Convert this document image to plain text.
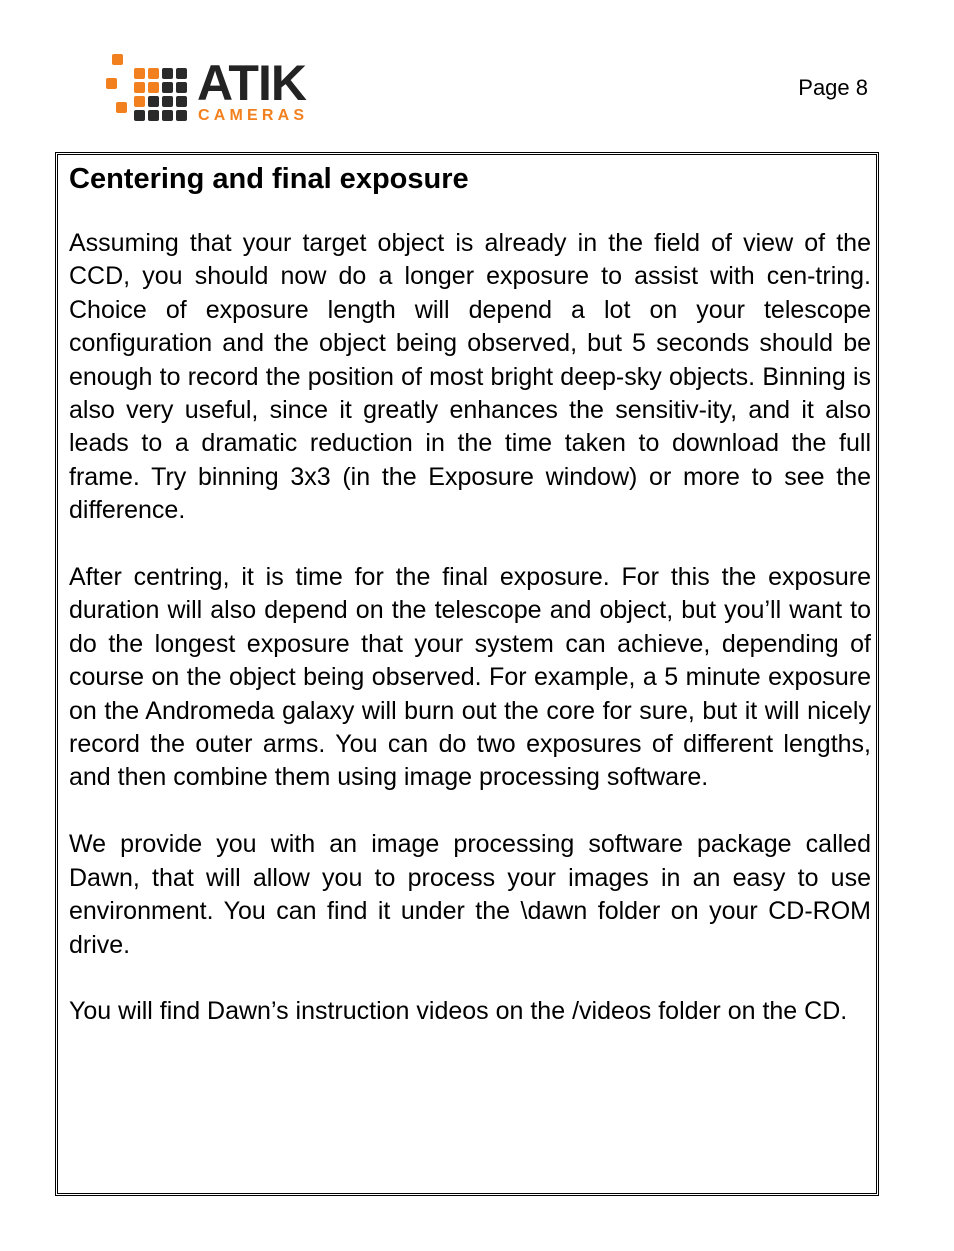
ATIK
CAMERAS
Page 8
Centering and final exposure

Assuming that your target object is already in the field of view of the CCD, you should now do a longer exposure to assist with cen-tring. Choice of exposure length will depend a lot on your telescope configuration and the object being observed, but 5 seconds should be enough to record the position of most bright deep-sky objects. Binning is also very useful, since it greatly enhances the sensitiv-ity, and it also leads to a dramatic reduction in the time taken to download the full frame. Try binning 3x3 (in the Exposure window) or more to see the difference.

After centring, it is time for the final exposure. For this the exposure duration will also depend on the telescope and object, but you’ll want to do the longest exposure that your system can achieve, depending of course on the object being observed. For example, a 5 minute exposure on the Andromeda galaxy will burn out the core for sure, but it will nicely record the outer arms. You can do two exposures of different lengths, and then combine them using image processing software.

We provide you with an image processing software package called Dawn, that will allow you to process your images in an easy to use environment. You can find it under the \dawn folder on your CD-ROM drive.

You will find Dawn’s instruction videos on the /videos folder on the CD.
